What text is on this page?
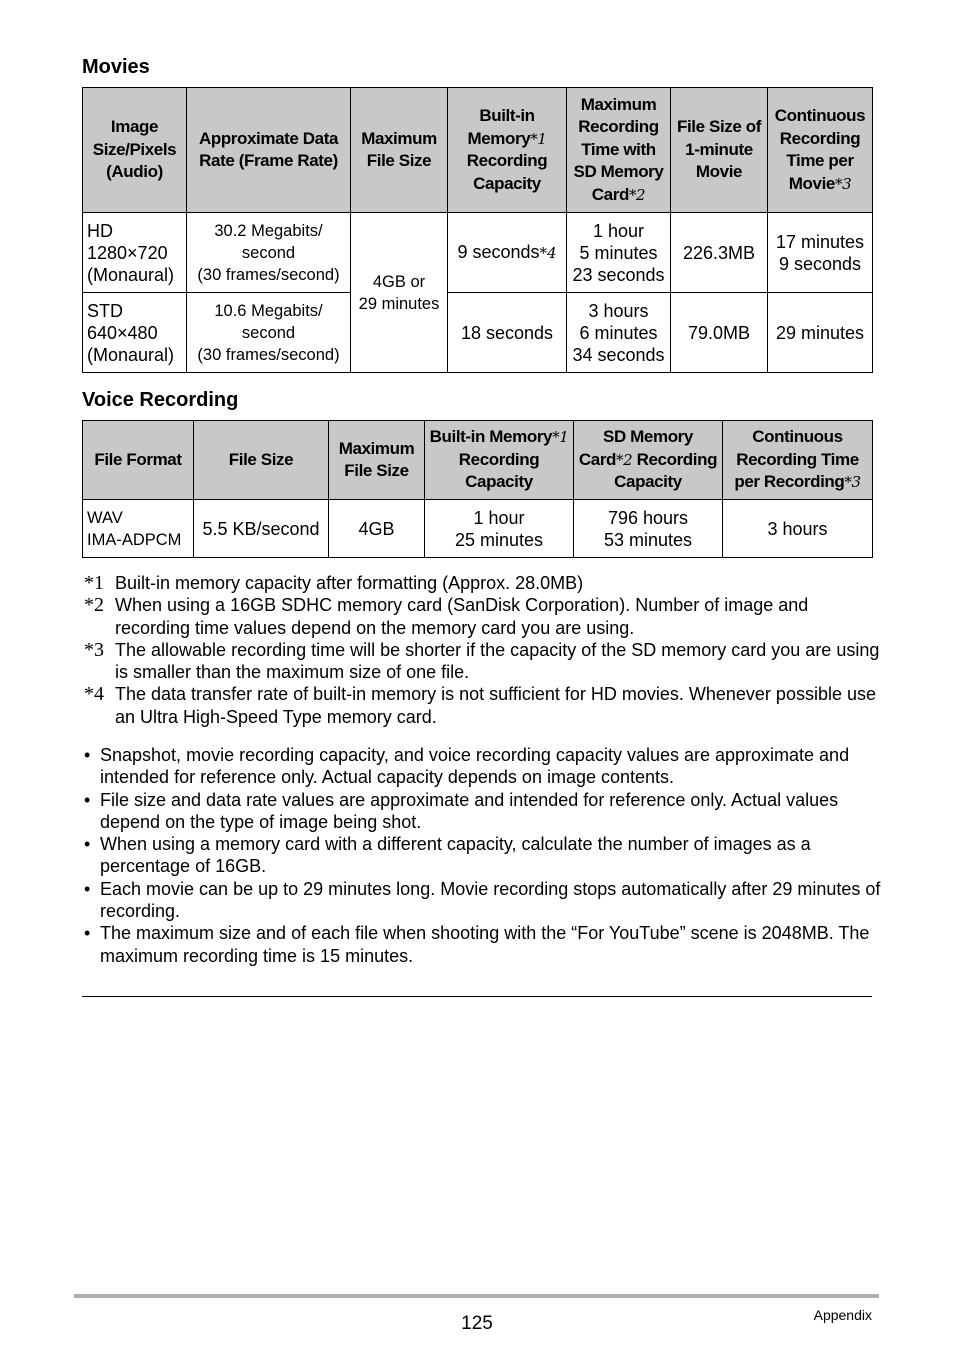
Movies
Image
Size/Pixels
(Audio)	Approximate Data
Rate (Frame Rate)	Maximum
File Size	Built-in
Memory*1
Recording
Capacity	Maximum
Recording
Time with
SD Memory
Card*2	File Size of
1-minute
Movie	Continuous
Recording
Time per
Movie*3
HD
1280×720
(Monaural)	30.2 Megabits/
second
(30 frames/second)	4GB or
29 minutes	9 seconds*4	1 hour
5 minutes
23 seconds	226.3MB	17 minutes
9 seconds
STD
640×480
(Monaural)	10.6 Megabits/
second
(30 frames/second)		18 seconds	3 hours
6 minutes
34 seconds	79.0MB	29 minutes
Voice Recording
File Format	File Size	Maximum
File Size	Built-in Memory*1
Recording
Capacity	SD Memory
Card*2 Recording
Capacity	Continuous
Recording Time
per Recording*3
WAV
IMA-ADPCM	5.5 KB/second	4GB	1 hour
25 minutes	796 hours
53 minutes	3 hours
*1 Built-in memory capacity after formatting (Approx. 28.0MB)
*2 When using a 16GB SDHC memory card (SanDisk Corporation). Number of image and recording time values depend on the memory card you are using.
*3 The allowable recording time will be shorter if the capacity of the SD memory card you are using is smaller than the maximum size of one file.
*4 The data transfer rate of built-in memory is not sufficient for HD movies. Whenever possible use an Ultra High-Speed Type memory card.
• Snapshot, movie recording capacity, and voice recording capacity values are approximate and intended for reference only. Actual capacity depends on image contents.
• File size and data rate values are approximate and intended for reference only. Actual values depend on the type of image being shot.
• When using a memory card with a different capacity, calculate the number of images as a percentage of 16GB.
• Each movie can be up to 29 minutes long. Movie recording stops automatically after 29 minutes of recording.
• The maximum size and of each file when shooting with the “For YouTube” scene is 2048MB. The maximum recording time is 15 minutes.
125	Appendix
